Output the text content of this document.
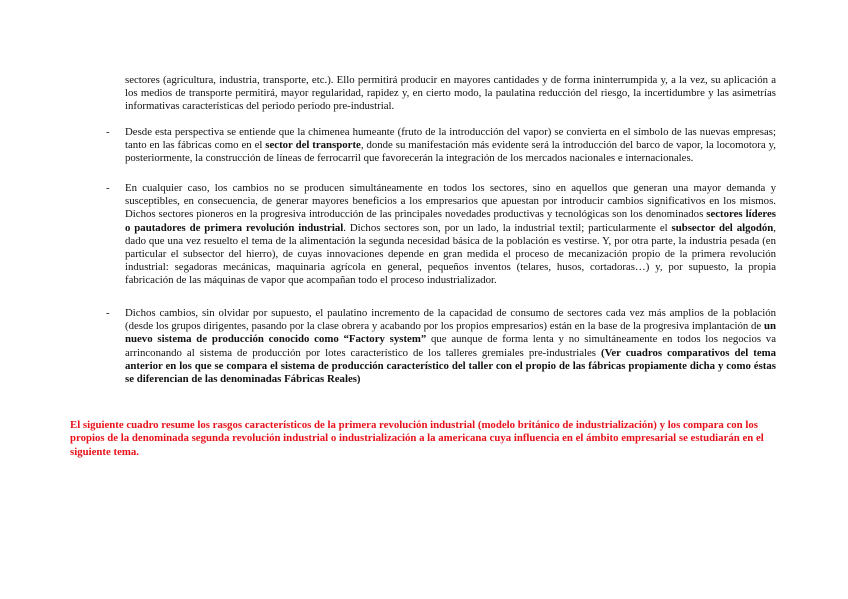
sectores (agricultura, industria, transporte, etc.). Ello permitirá producir en mayores cantidades y de forma ininterrumpida y, a la vez, su aplicación a los medios de transporte permitirá, mayor regularidad, rapidez y, en cierto modo, la paulatina reducción del riesgo, la incertidumbre y las asimetrías informativas características del periodo periodo pre-industrial.

- Desde esta perspectiva se entiende que la chimenea humeante (fruto de la introducción del vapor) se convierta en el símbolo de las nuevas empresas; tanto en las fábricas como en el sector del transporte, donde su manifestación más evidente será la introducción del barco de vapor, la locomotora y, posteriormente, la construcción de líneas de ferrocarril que favorecerán la integración de los mercados nacionales e internacionales.

- En cualquier caso, los cambios no se producen simultáneamente en todos los sectores, sino en aquellos que generan una mayor demanda y susceptibles, en consecuencia, de generar mayores beneficios a los empresarios que apuestan por introducir cambios significativos en los mismos. Dichos sectores pioneros en la progresiva introducción de las principales novedades productivas y tecnológicas son los denominados sectores líderes o pautadores de primera revolución industrial. Dichos sectores son, por un lado, la industrial textil; particularmente el subsector del algodón, dado que una vez resuelto el tema de la alimentación la segunda necesidad básica de la población es vestirse. Y, por otra parte, la industria pesada (en particular el subsector del hierro), de cuyas innovaciones depende en gran medida el proceso de mecanización propio de la primera revolución industrial: segadoras mecánicas, maquinaria agrícola en general, pequeños inventos (telares, husos, cortadoras…) y, por supuesto, la propia fabricación de las máquinas de vapor que acompañan todo el proceso industrializador.

- Dichos cambios, sin olvidar por supuesto, el paulatino incremento de la capacidad de consumo de sectores cada vez más amplios de la población (desde los grupos dirigentes, pasando por la clase obrera y acabando por los propios empresarios) están en la base de la progresiva implantación de un nuevo sistema de producción conocido como “Factory system” que aunque de forma lenta y no simultáneamente en todos los negocios va arrinconando al sistema de producción por lotes característico de los talleres gremiales pre-industriales (Ver cuadros comparativos del tema anterior en los que se compara el sistema de producción característico del taller con el propio de las fábricas propiamente dicha y como éstas se diferencian de las denominadas Fábricas Reales)

El siguiente cuadro resume los rasgos característicos de la primera revolución industrial (modelo británico de industrialización) y los compara con los propios de la denominada segunda revolución industrial o industrialización a la americana cuya influencia en el ámbito empresarial se estudiarán en el siguiente tema.
